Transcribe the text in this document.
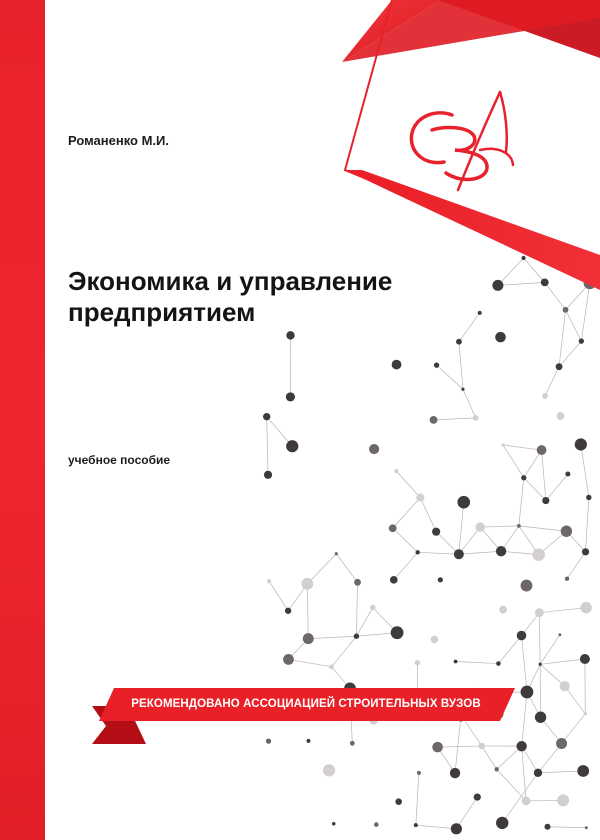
Романенко М.И.
Экономика и управление
предприятием
учебное пособие
РЕКОМЕНДОВАНО АССОЦИАЦИЕЙ СТРОИТЕЛЬНЫХ ВУЗОВ
